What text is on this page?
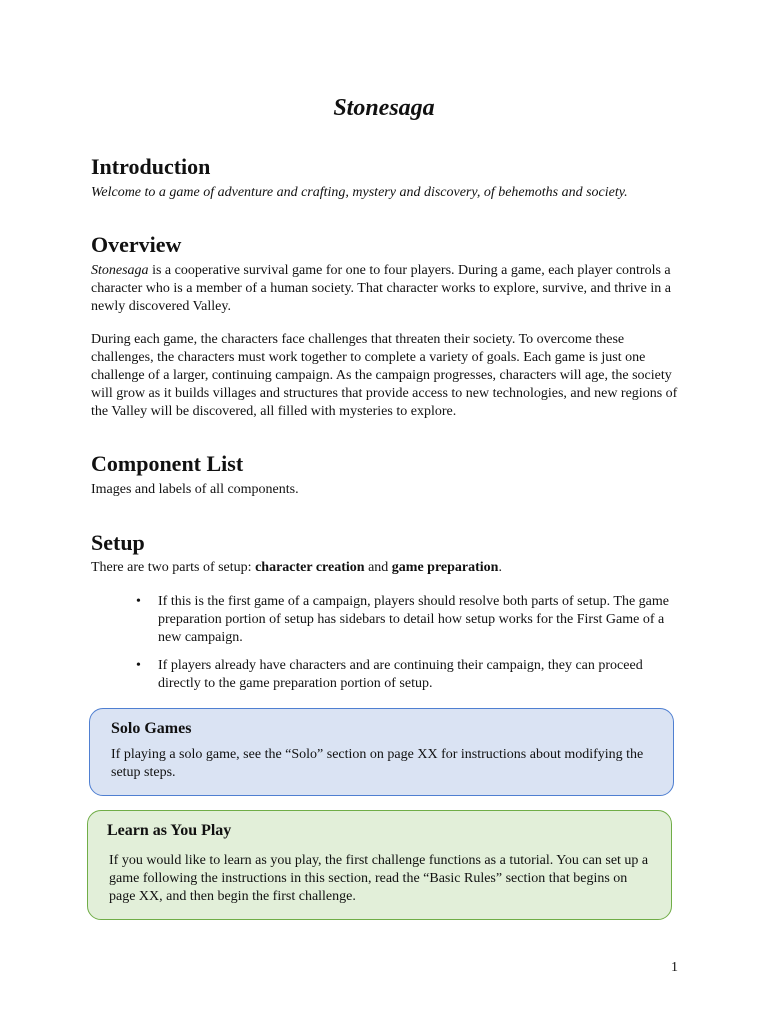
Stonesaga
Introduction

Welcome to a game of adventure and crafting, mystery and discovery, of behemoths and society.

Overview

Stonesaga is a cooperative survival game for one to four players. During a game, each player controls a character who is a member of a human society. That character works to explore, survive, and thrive in a newly discovered Valley.

During each game, the characters face challenges that threaten their society. To overcome these challenges, the characters must work together to complete a variety of goals. Each game is just one challenge of a larger, continuing campaign. As the campaign progresses, characters will age, the society will grow as it builds villages and structures that provide access to new technologies, and new regions of the Valley will be discovered, all filled with mysteries to explore.

Component List

Images and labels of all components.

Setup

There are two parts of setup: character creation and game preparation.

• If this is the first game of a campaign, players should resolve both parts of setup. The game preparation portion of setup has sidebars to detail how setup works for the First Game of a new campaign.
• If players already have characters and are continuing their campaign, they can proceed directly to the game preparation portion of setup.
Solo Games

If playing a solo game, see the “Solo” section on page XX for instructions about modifying the setup steps.

Learn as You Play

If you would like to learn as you play, the first challenge functions as a tutorial. You can set up a game following the instructions in this section, read the “Basic Rules” section that begins on page XX, and then begin the first challenge.

1
